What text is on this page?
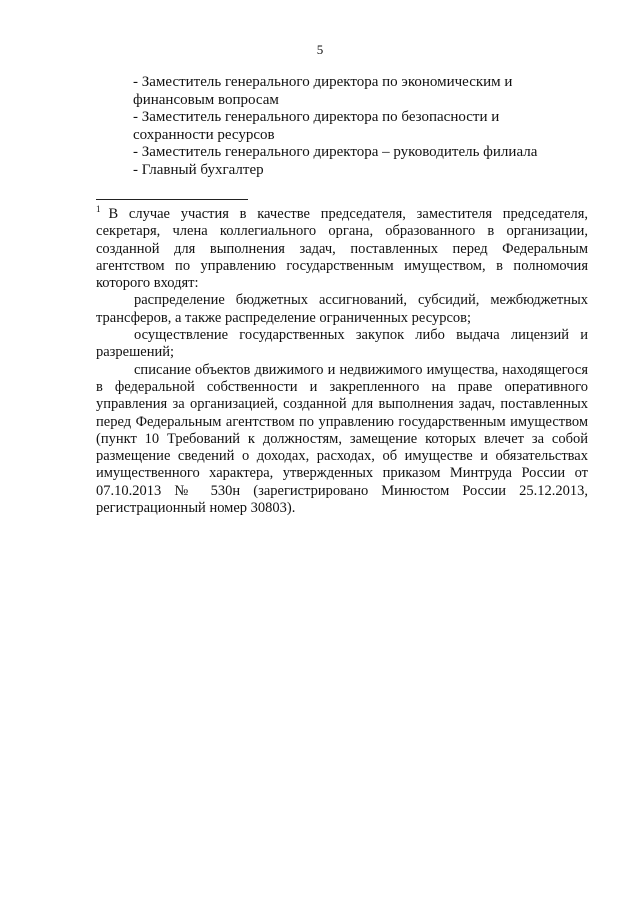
5

- Заместитель генерального директора по экономическим и финансовым вопросам

- Заместитель генерального директора по безопасности и сохранности ресурсов

- Заместитель генерального директора – руководитель филиала

- Главный бухгалтер

$^1$ В случае участия в качестве председателя, заместителя председателя, секретаря, члена коллегиального органа, образованного в организации, созданной для выполнения задач, поставленных перед Федеральным агентством по управлению государственным имуществом, в полномочия которого входят:

распределение бюджетных ассигнований, субсидий, межбюджетных трансферов, а также распределение ограниченных ресурсов;

осуществление государственных закупок либо выдача лицензий и разрешений;

списание объектов движимого и недвижимого имущества, находящегося в федеральной собственности и закрепленного на праве оперативного управления за организацией, созданной для выполнения задач, поставленных перед Федеральным агентством по управлению государственным имуществом (пункт 10 Требований к должностям, замещение которых влечет за собой размещение сведений о доходах, расходах, об имуществе и обязательствах имущественного характера, утвержденных приказом Минтруда России от 07.10.2013 № 530н (зарегистрировано Минюстом России 25.12.2013, регистрационный номер 30803).
